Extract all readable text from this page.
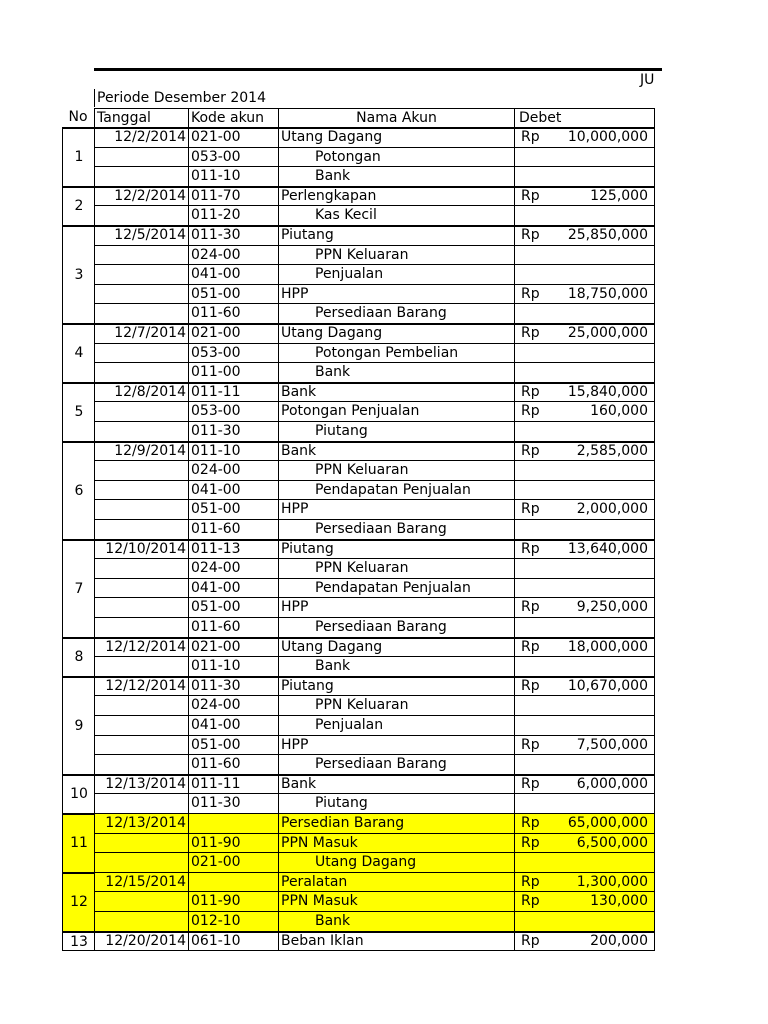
JU
Periode Desember 2014
No Tanggal	Kode akun	Nama Akun	Debet
1
12/2/2014 021-00	Utang Dagang	Rp	10,000,000
053-00	Potongan
011-10	Bank
2
12/2/2014 011-70	Perlengkapan	Rp	125,000
011-20	Kas Kecil
3
12/5/2014 011-30	Piutang	Rp	25,850,000
024-00	PPN Keluaran
041-00	Penjualan
051-00	HPP	Rp	18,750,000
011-60	Persediaan Barang
4
12/7/2014 021-00	Utang Dagang	Rp	25,000,000
053-00	Potongan Pembelian
011-00	Bank
5
12/8/2014 011-11	Bank	Rp	15,840,000
053-00	Potongan Penjualan	Rp	160,000
011-30	Piutang
6
12/9/2014 011-10	Bank	Rp	2,585,000
024-00	PPN Keluaran
041-00	Pendapatan Penjualan
051-00	HPP	Rp	2,000,000
011-60	Persediaan Barang
7
12/10/2014 011-13	Piutang	Rp	13,640,000
024-00	PPN Keluaran
041-00	Pendapatan Penjualan
051-00	HPP	Rp	9,250,000
011-60	Persediaan Barang
8
12/12/2014 021-00	Utang Dagang	Rp	18,000,000
011-10	Bank
9
12/12/2014 011-30	Piutang	Rp	10,670,000
024-00	PPN Keluaran
041-00	Penjualan
051-00	HPP	Rp	7,500,000
011-60	Persediaan Barang
10
12/13/2014 011-11	Bank	Rp	6,000,000
011-30	Piutang
11
12/13/2014	Persedian Barang	Rp	65,000,000
011-90	PPN Masuk	Rp	6,500,000
021-00	Utang Dagang
12
12/15/2014	Peralatan	Rp	1,300,000
011-90	PPN Masuk	Rp	130,000
012-10	Bank
13	12/20/2014 061-10	Beban Iklan	Rp	200,000
